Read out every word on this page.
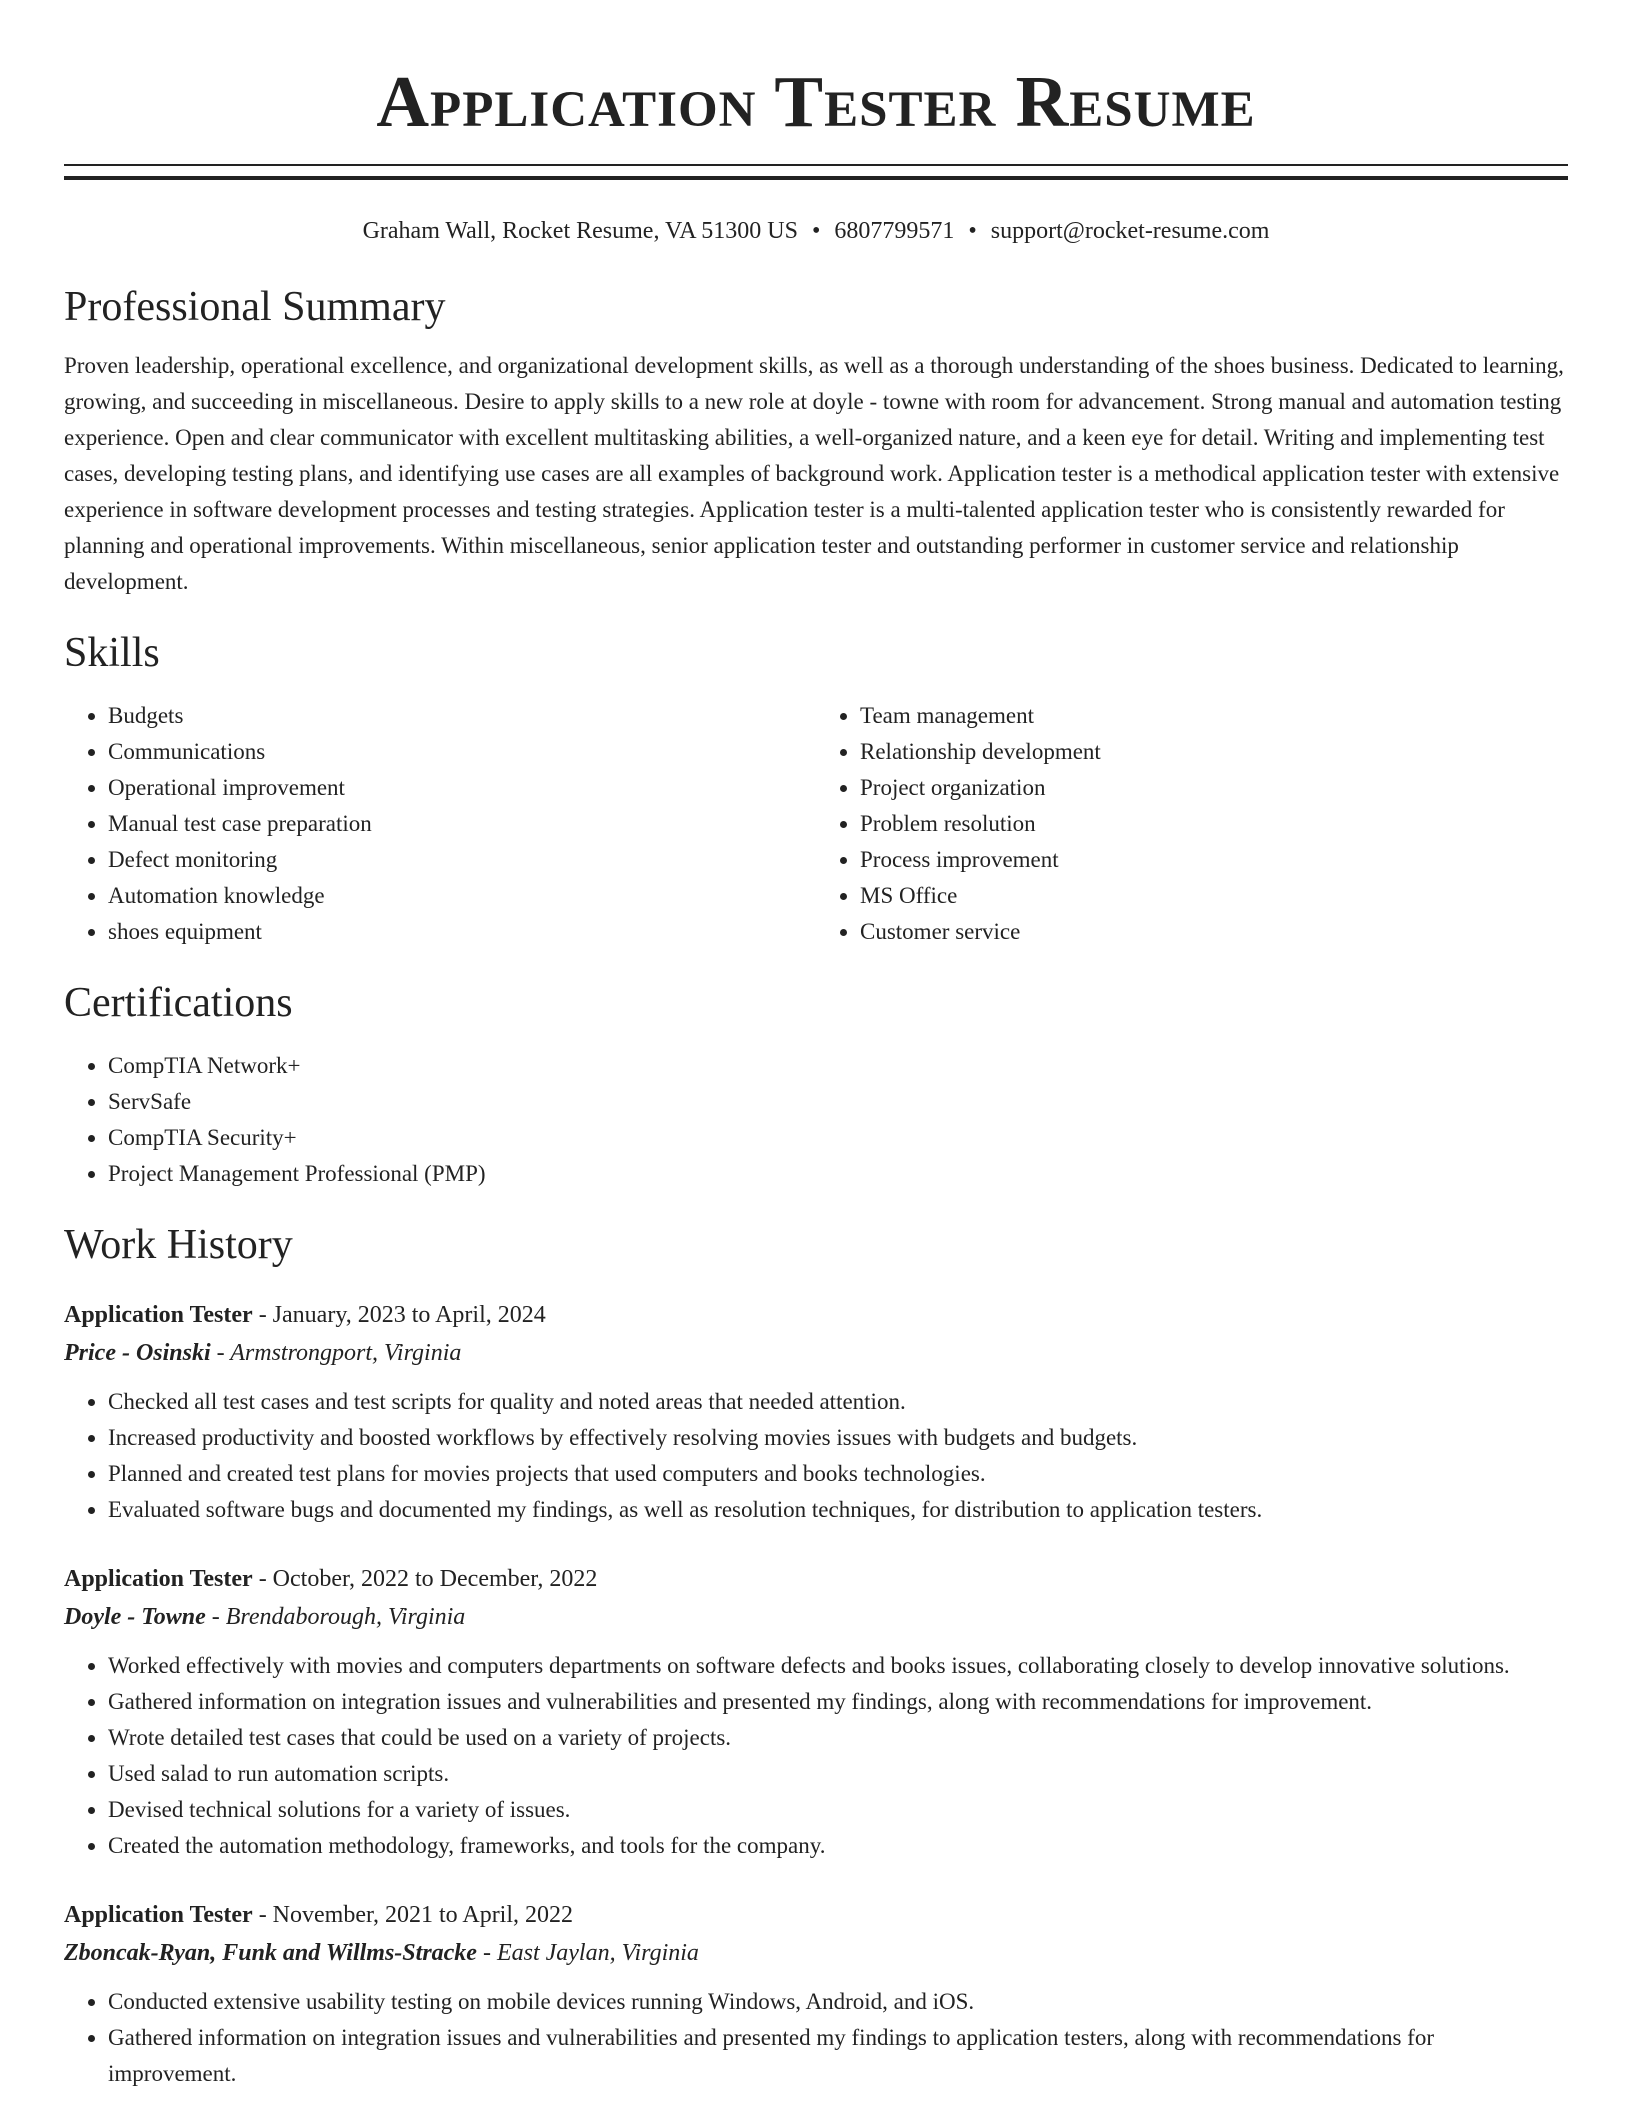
Application Tester Resume
Graham Wall, Rocket Resume, VA 51300 US • 6807799571 • support@rocket-resume.com
Professional Summary
Proven leadership, operational excellence, and organizational development skills, as well as a thorough understanding of the shoes business. Dedicated to learning, growing, and succeeding in miscellaneous. Desire to apply skills to a new role at doyle - towne with room for advancement. Strong manual and automation testing experience. Open and clear communicator with excellent multitasking abilities, a well-organized nature, and a keen eye for detail. Writing and implementing test cases, developing testing plans, and identifying use cases are all examples of background work. Application tester is a methodical application tester with extensive experience in software development processes and testing strategies. Application tester is a multi-talented application tester who is consistently rewarded for planning and operational improvements. Within miscellaneous, senior application tester and outstanding performer in customer service and relationship development.
Skills
• Budgets
• Communications
• Operational improvement
• Manual test case preparation
• Defect monitoring
• Automation knowledge
• shoes equipment
• Team management
• Relationship development
• Project organization
• Problem resolution
• Process improvement
• MS Office
• Customer service
Certifications
• CompTIA Network+
• ServSafe
• CompTIA Security+
• Project Management Professional (PMP)
Work History
Application Tester - January, 2023 to April, 2024
Price - Osinski - Armstrongport, Virginia
• Checked all test cases and test scripts for quality and noted areas that needed attention.
• Increased productivity and boosted workflows by effectively resolving movies issues with budgets and budgets.
• Planned and created test plans for movies projects that used computers and books technologies.
• Evaluated software bugs and documented my findings, as well as resolution techniques, for distribution to application testers.
Application Tester - October, 2022 to December, 2022
Doyle - Towne - Brendaborough, Virginia
• Worked effectively with movies and computers departments on software defects and books issues, collaborating closely to develop innovative solutions.
• Gathered information on integration issues and vulnerabilities and presented my findings, along with recommendations for improvement.
• Wrote detailed test cases that could be used on a variety of projects.
• Used salad to run automation scripts.
• Devised technical solutions for a variety of issues.
• Created the automation methodology, frameworks, and tools for the company.
Application Tester - November, 2021 to April, 2022
Zboncak-Ryan, Funk and Willms-Stracke - East Jaylan, Virginia
• Conducted extensive usability testing on mobile devices running Windows, Android, and iOS.
• Gathered information on integration issues and vulnerabilities and presented my findings to application testers, along with recommendations for improvement.
